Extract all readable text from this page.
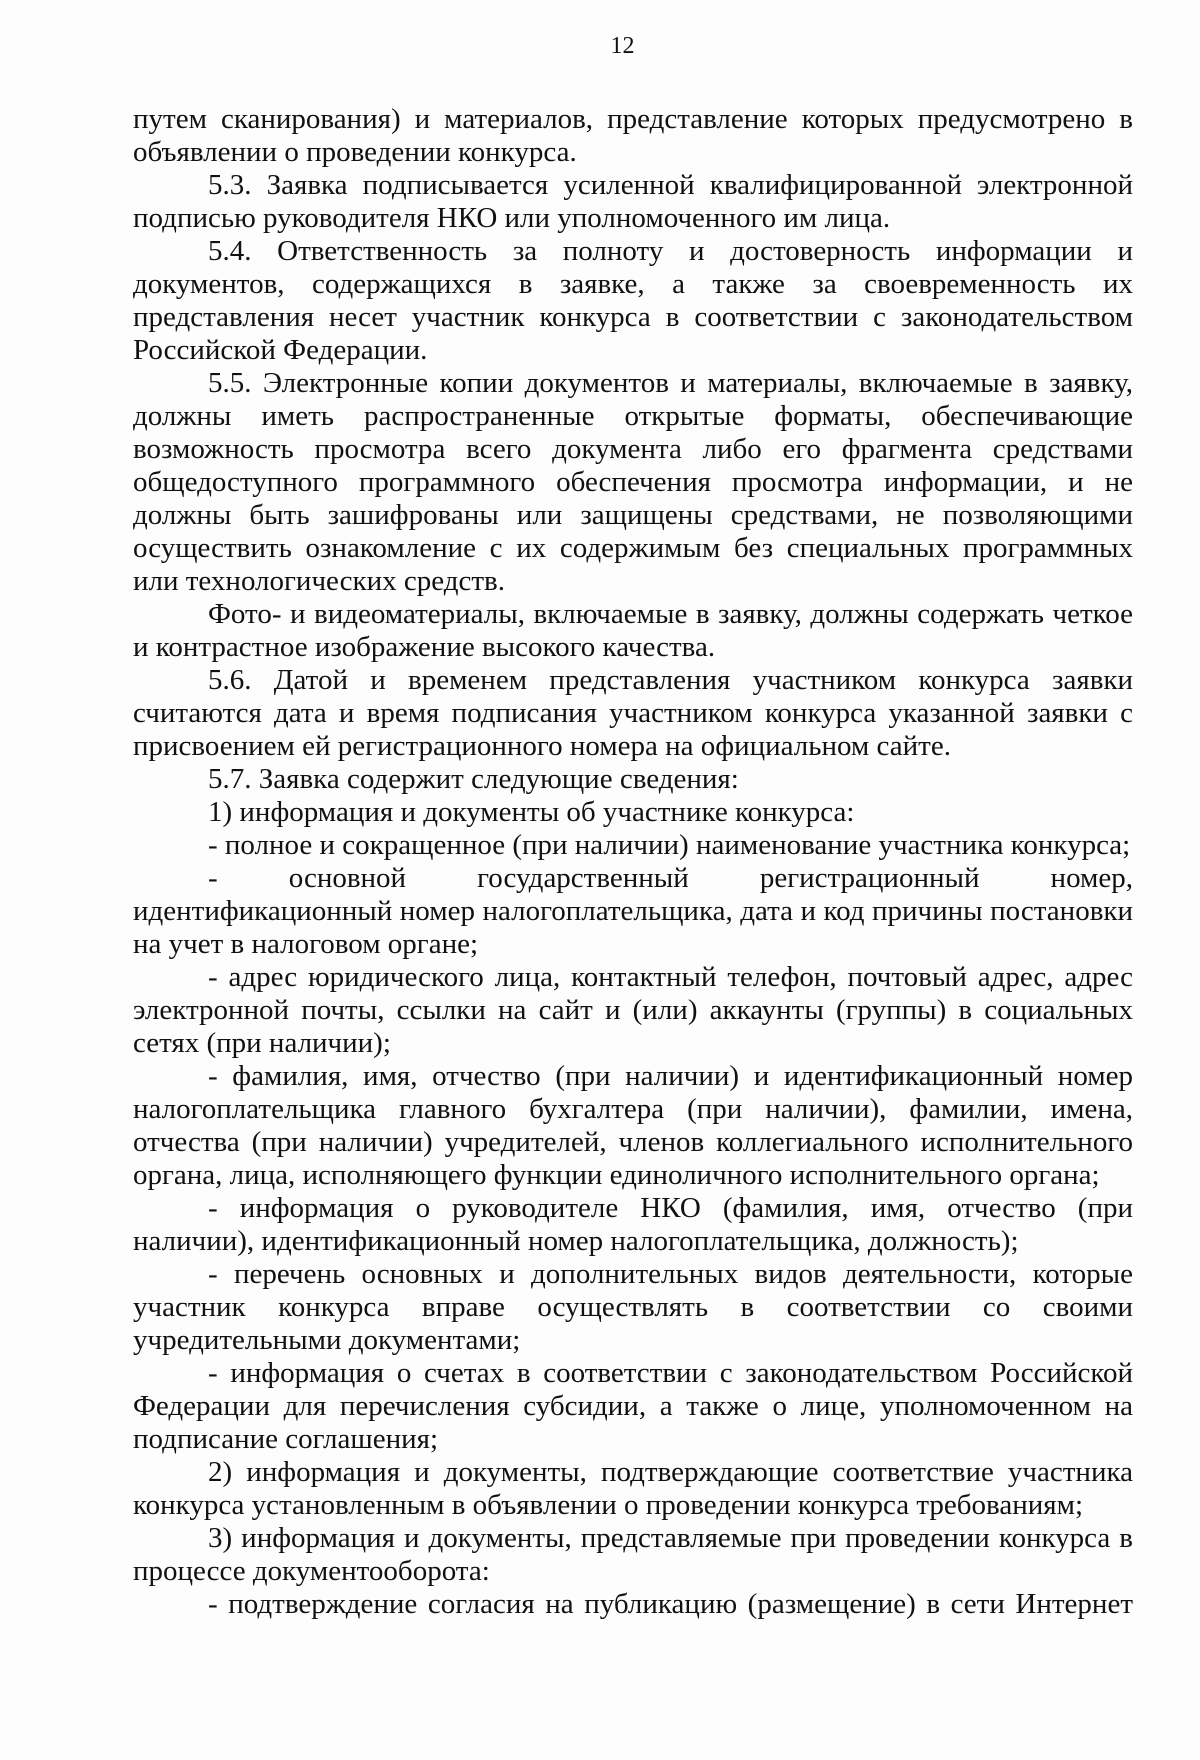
12

путем сканирования) и материалов, представление которых предусмотрено в объявлении о проведении конкурса.

5.3. Заявка подписывается усиленной квалифицированной электронной подписью руководителя НКО или уполномоченного им лица.

5.4. Ответственность за полноту и достоверность информации и документов, содержащихся в заявке, а также за своевременность их представления несет участник конкурса в соответствии с законодательством Российской Федерации.

5.5. Электронные копии документов и материалы, включаемые в заявку, должны иметь распространенные открытые форматы, обеспечивающие возможность просмотра всего документа либо его фрагмента средствами общедоступного программного обеспечения просмотра информации, и не должны быть зашифрованы или защищены средствами, не позволяющими осуществить ознакомление с их содержимым без специальных программных или технологических средств.

Фото- и видеоматериалы, включаемые в заявку, должны содержать четкое и контрастное изображение высокого качества.

5.6. Датой и временем представления участником конкурса заявки считаются дата и время подписания участником конкурса указанной заявки с присвоением ей регистрационного номера на официальном сайте.

5.7. Заявка содержит следующие сведения:

1) информация и документы об участнике конкурса:

- полное и сокращенное (при наличии) наименование участника конкурса;

- основной государственный регистрационный номер, идентификационный номер налогоплательщика, дата и код причины постановки на учет в налоговом органе;

- адрес юридического лица, контактный телефон, почтовый адрес, адрес электронной почты, ссылки на сайт и (или) аккаунты (группы) в социальных сетях (при наличии);

- фамилия, имя, отчество (при наличии) и идентификационный номер налогоплательщика главного бухгалтера (при наличии), фамилии, имена, отчества (при наличии) учредителей, членов коллегиального исполнительного органа, лица, исполняющего функции единоличного исполнительного органа;

- информация о руководителе НКО (фамилия, имя, отчество (при наличии), идентификационный номер налогоплательщика, должность);

- перечень основных и дополнительных видов деятельности, которые участник конкурса вправе осуществлять в соответствии со своими учредительными документами;

- информация о счетах в соответствии с законодательством Российской Федерации для перечисления субсидии, а также о лице, уполномоченном на подписание соглашения;

2) информация и документы, подтверждающие соответствие участника конкурса установленным в объявлении о проведении конкурса требованиям;

3) информация и документы, представляемые при проведении конкурса в процессе документооборота:

- подтверждение согласия на публикацию (размещение) в сети Интернет
